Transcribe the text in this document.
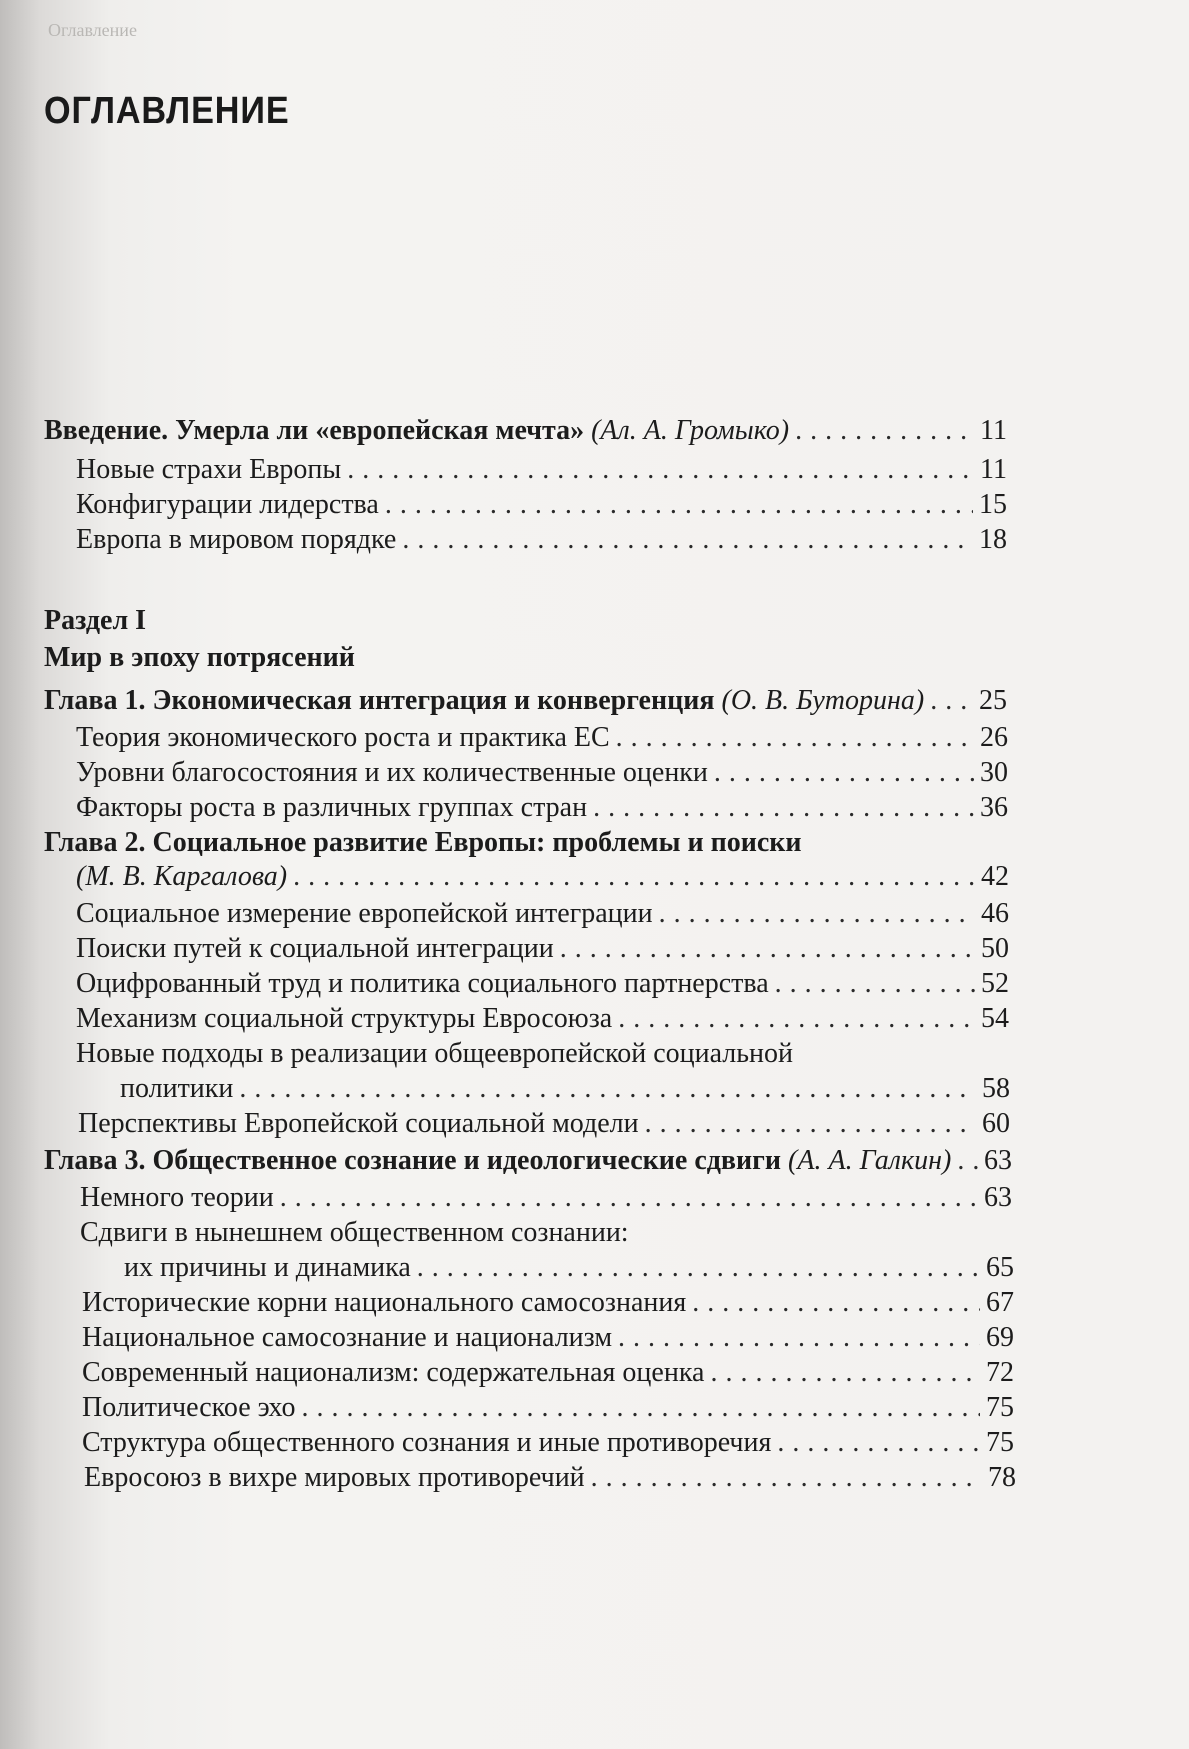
Оглавление
ОГЛАВЛЕНИЕ
Введение. Умерла ли «европейская мечта»
(Ал. А. Громыко) . . .	11
Новые страхи Европы . . .	11
Конфигурации лидерства . . .	15
Европа в мировом порядке . . .	18
Раздел I
Мир в эпоху потрясений
Глава 1. Экономическая интеграция и конвергенция
(О. В. Буторина) . . . 25
Теория экономического роста и практика ЕС . . .	26
Уровни благосостояния и их количественные оценки . . .	30
Факторы роста в различных группах стран . . .	36
Глава 2. Социальное развитие Европы: проблемы и поиски
(М. В. Каргалова) . . .	42
Социальное измерение европейской интеграции . . .	46
Поиски путей к социальной интеграции . . .	50
Оцифрованный труд и политика социального партнерства . . .	52
Механизм социальной структуры Евросоюза . . .	54
Новые подходы в реализации общеевропейской социальной
политики . . .	58
Перспективы Европейской социальной модели . . .	60
Глава 3. Общественное сознание и идеологические сдвиги
(А. А. Галкин) . . . 63
Немного теории . . .	63
Сдвиги в нынешнем общественном сознании:
их причины и динамика . . .	65
Исторические корни национального самосознания . . .	67
Национальное самосознание и национализм . . .	69
Современный национализм: содержательная оценка . . .	72
Политическое эхо . . .	75
Структура общественного сознания и иные противоречия . . .	75
Евросоюз в вихре мировых противоречий . . .	78
